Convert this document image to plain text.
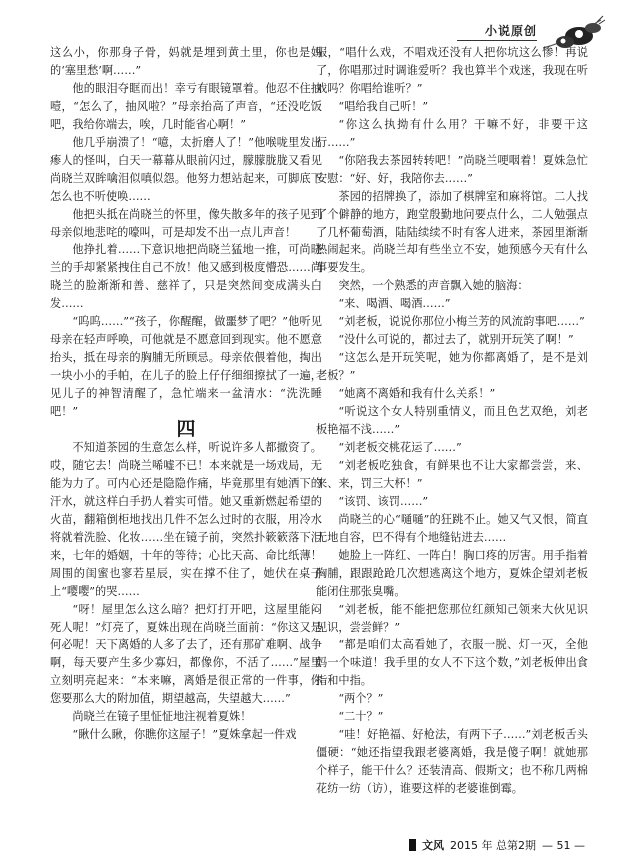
小说原创

这么小，你那身子骨，妈就是埋到黄土里，你也是妈的‘塞里愁’啊……”

他的眼泪夺眶而出！幸亏有眼镜罩着。他忍不住抽噎，“怎么了，抽风啦？”母亲抬高了声音，“还没吃饭吧，我给你端去，唉，几时能省心啊！”

他几乎崩溃了！“噫，太折磨人了！”他喉咙里发出瘆人的怪叫，白天一幕幕从眼前闪过，朦朦胧胧又看见尚晓兰双眸噙泪似嗔似怨。他努力想站起来，可脚底下怎么也不听使唤……

他把头抵在尚晓兰的怀里，像失散多年的孩子见到母亲似地悲咤的嚎叫，可是却发不出一点儿声音！

他挣扎着……下意识地把尚晓兰猛地一推，可尚晓兰的手却紧紧拽住自己不放！他又感到极度懵恐……尚晓兰的脸渐渐和善、慈祥了，只是突然间变成满头白发……

“呜呜……”“孩子，你醒醒，做噩梦了吧？”他听见母亲在轻声呼唤，可他就是不愿意回到现实。他不愿意抬头，抵在母亲的胸脯无所顾忌。母亲依偎着他，掏出一块小小的手帕，在儿子的脸上仔仔细细擦拭了一遍，见儿子的神智清醒了，急忙端来一盆清水：“洗洗睡吧！”

四

不知道茶园的生意怎么样，听说许多人都撤资了。哎，随它去！尚晓兰唏嘘不已！本来就是一场戏局，无能为力了。可内心还是隐隐作痛，毕竟那里有她洒下的汗水，就这样白手扔人着实可惜。她又重新燃起希望的火苗，翻箱倒柜地找出几件不怎么过时的衣服，用冷水将就着洗脸、化妆……坐在镜子前，突然扑簌簌落下泪来，七年的婚姻，十年的等待；心比天高、命比纸薄！周围的闺蜜也寥若星辰，实在撑不住了，她伏在桌子上“嘤嘤”的哭……

“呀！屋里怎么这么暗？把灯打开吧，这屋里能闷死人呢！”灯亮了，夏姝出现在尚晓兰面前：“你这又是何必呢！天下离婚的人多了去了，还有那矿难啊、战争啊，每天要产生多少寡妇，都像你，不活了……”屋里立刻明亮起来：“本来嘛，离婚是很正常的一件事，你您要那么大的附加值，期望越高，失望越大……”

尚晓兰在镜子里怔怔地注视着夏姝！

“瞅什么瞅，你瞧你这屋子！”夏姝拿起一件戏

服，“唱什么戏，不唱戏还没有人把你坑这么惨！再说了，你唱那过时调谁爱听？我也算半个戏迷，我现在听戏吗？你唱给谁听？”

“唱给我自己听！”

“你这么执拗有什么用？干嘛不好，非要干这行……”

“你陪我去茶园转转吧！”尚晓兰哽咽着！夏姝急忙安慰：“好、好，我陪你去……”

茶园的招牌换了，添加了棋牌室和麻将馆。二人找了个僻静的地方，跑堂殷勤地问要点什么，二人勉强点了几杯葡萄酒，陆陆续续不时有客人进来，茶园里渐渐热闹起来。尚晓兰却有些坐立不安，她预感今天有什么事要发生。

突然，一个熟悉的声音飘入她的脑海：

“来、喝酒、喝酒……”

“刘老板，说说你那位小梅兰芳的风流韵事吧……”

“没什么可说的，都过去了，就别开玩笑了啊！”

“这怎么是开玩笑呢，她为你都离婚了，是不是刘老板？”

“她离不离婚和我有什么关系！”

“听说这个女人特别重情义，而且色艺双绝，刘老板艳福不浅……”

“刘老板交桃花运了……”

“刘老板吃独食，有鲜果也不让大家都尝尝，来、来、来，罚三大杯！”

“该罚、该罚……”

尚晓兰的心“嗵嗵”的狂跳不止。她又气又恨，简直无地自容，巴不得有个地缝钻进去……

她脸上一阵红、一阵白！胸口疼的厉害。用手指着胸脯，跟跟跄跄几次想逃离这个地方，夏姝企望刘老板能闭住那张臭嘴。

“刘老板，能不能把您那位红颜知己领来大伙见识见识，尝尝鲜？”

“都是咱们太高看她了，衣服一脱、灯一灭，全他妈一个味道！我手里的女人不下这个数，”刘老板伸出食指和中指。

“两个？”

“二十？”

“哇！好艳福、好枪法，有两下子……”刘老板舌头僵硬：“她还指望我跟老婆离婚，我是傻子啊！就她那个样子，能干什么？还装清高、假斯文；也不称几两棉花纺一纺（访），谁要这样的老婆谁倒霉。

文风 2015 年 总第2期 — 51 —
